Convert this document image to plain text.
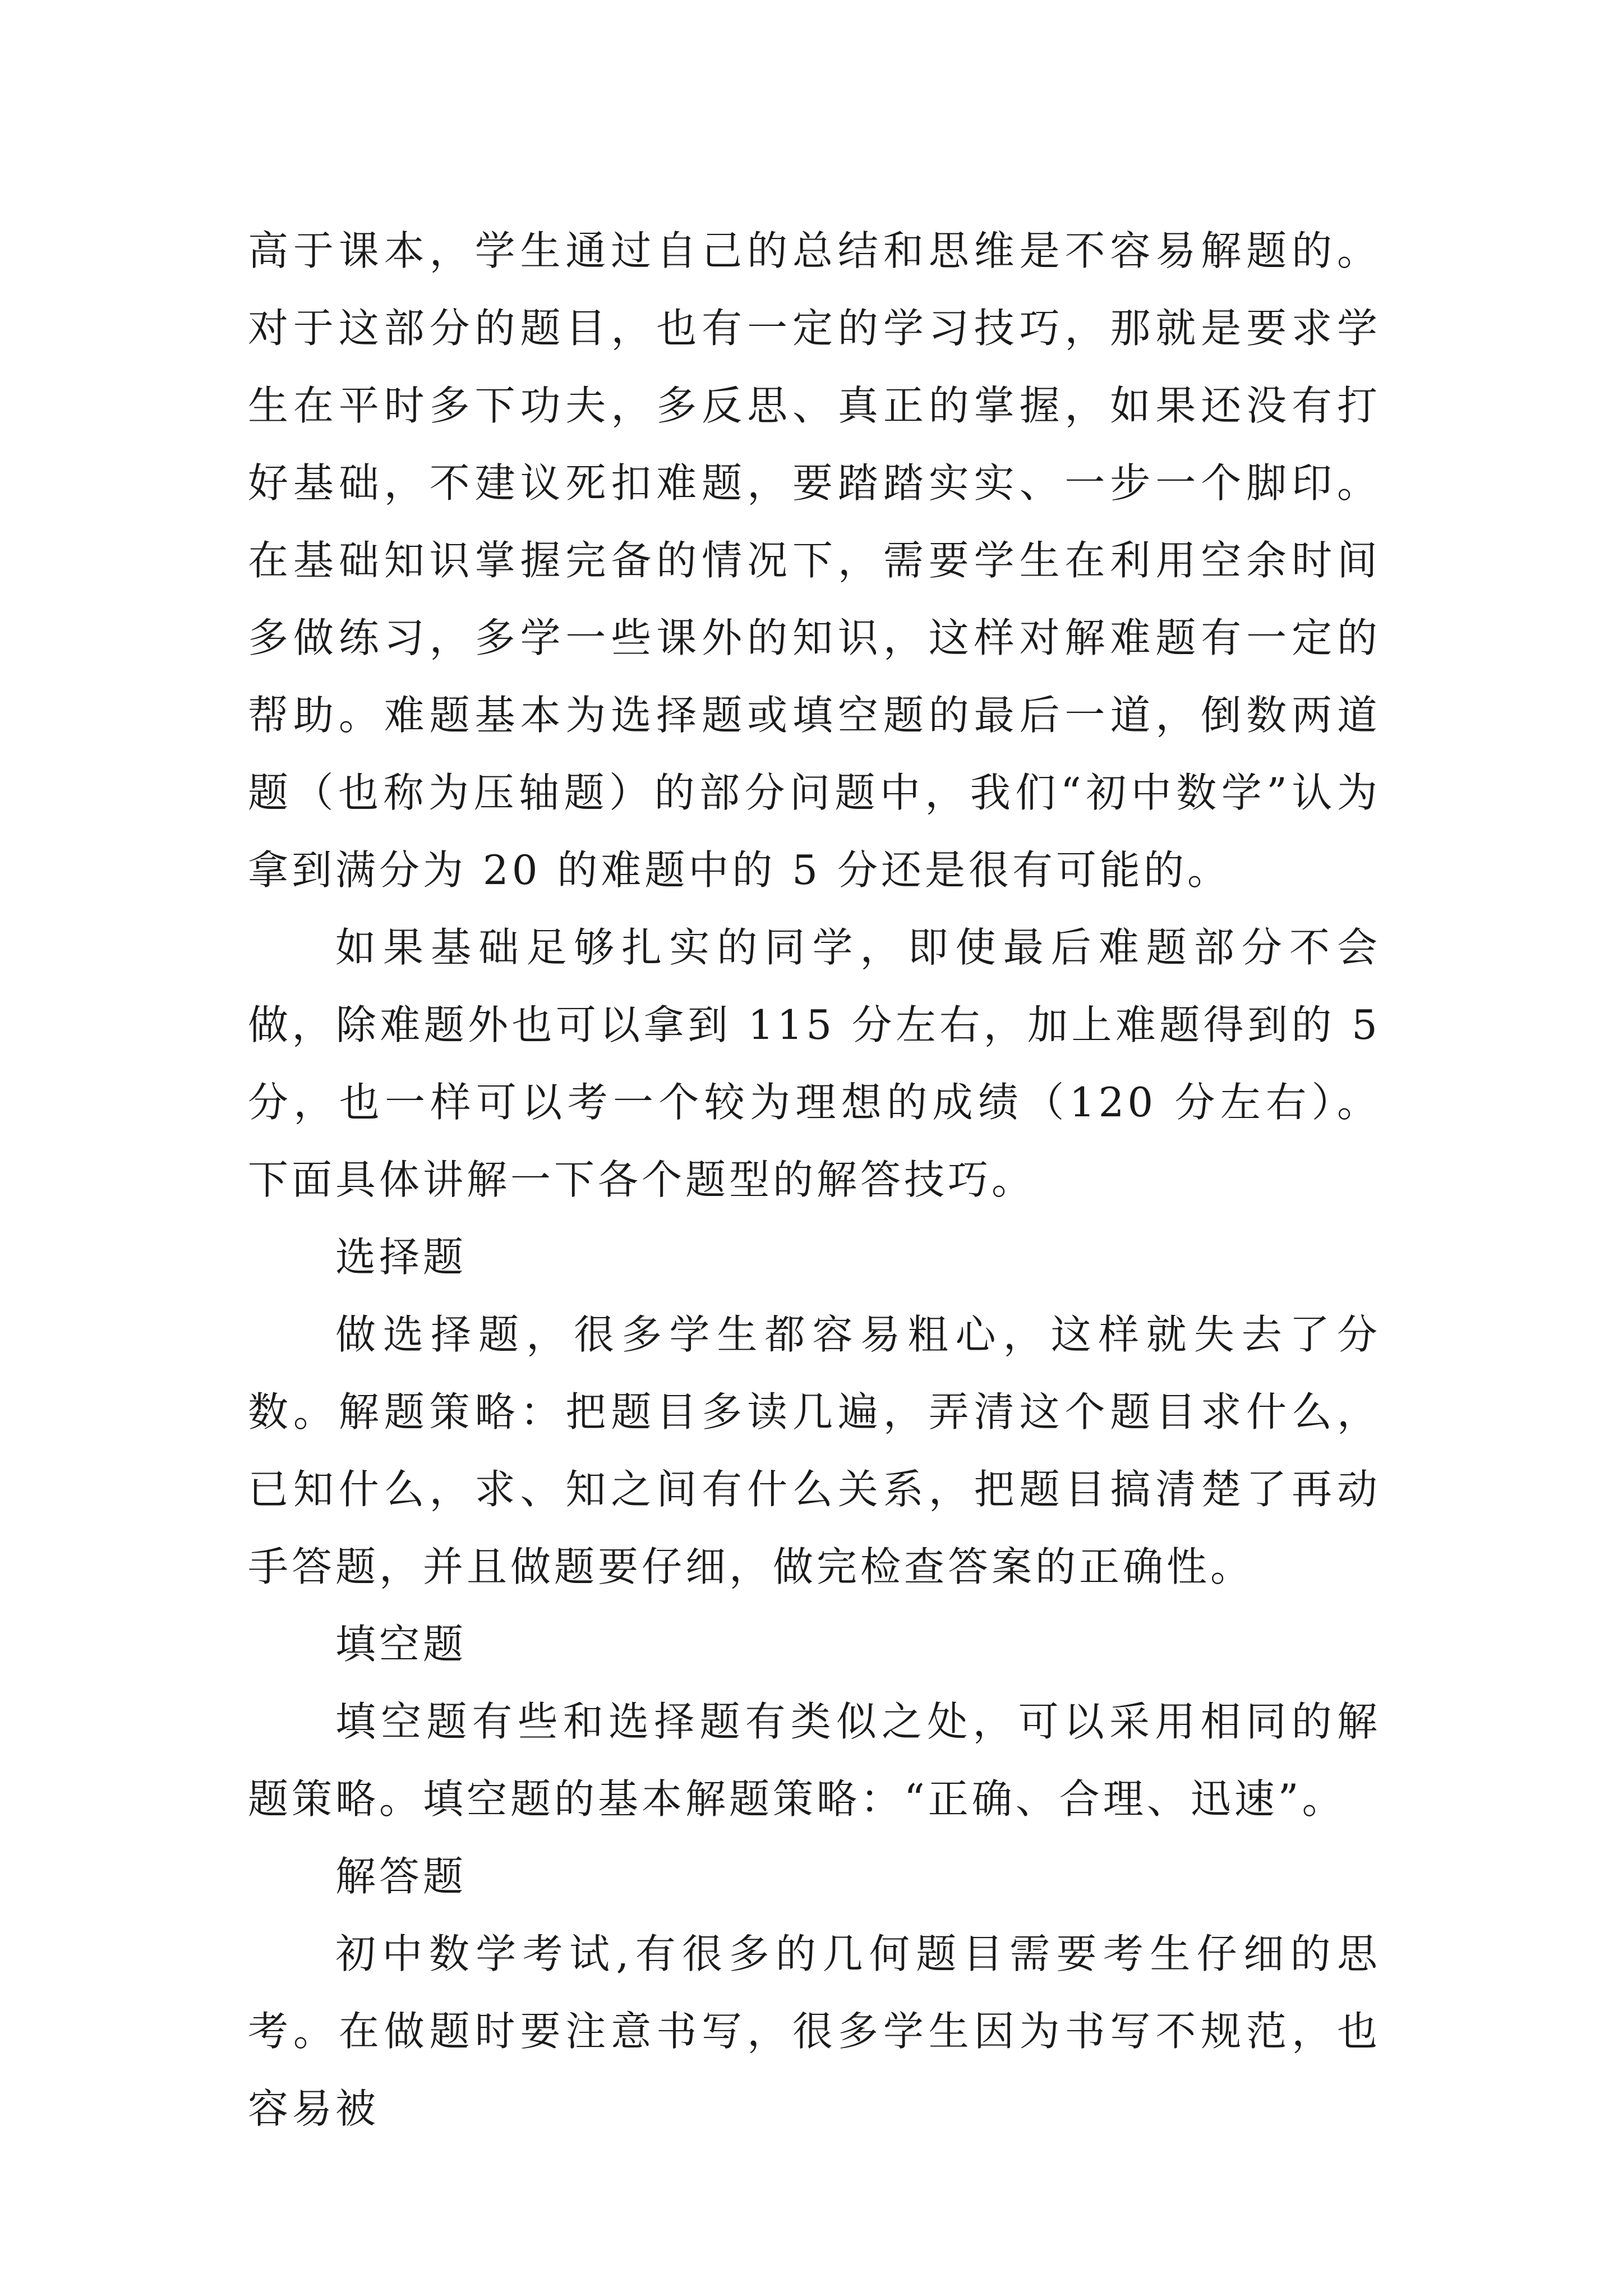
高于课本，学生通过自己的总结和思维是不容易解题的。对于这部分的题目，也有一定的学习技巧，那就是要求学生在平时多下功夫，多反思、真正的掌握，如果还没有打好基础，不建议死扣难题，要踏踏实实、一步一个脚印。在基础知识掌握完备的情况下，需要学生在利用空余时间多做练习，多学一些课外的知识，这样对解难题有一定的帮助。难题基本为选择题或填空题的最后一道，倒数两道题（也称为压轴题）的部分问题中，我们“初中数学”认为拿到满分为 20 的难题中的 5 分还是很有可能的。

如果基础足够扎实的同学，即使最后难题部分不会做，除难题外也可以拿到 115 分左右，加上难题得到的 5 分，也一样可以考一个较为理想的成绩（120 分左右）。下面具体讲解一下各个题型的解答技巧。

选择题

做选择题，很多学生都容易粗心，这样就失去了分数。解题策略：把题目多读几遍，弄清这个题目求什么，已知什么，求、知之间有什么关系，把题目搞清楚了再动手答题，并且做题要仔细，做完检查答案的正确性。

填空题

填空题有些和选择题有类似之处，可以采用相同的解题策略。填空题的基本解题策略：“正确、合理、迅速”。

解答题

初中数学考试,有很多的几何题目需要考生仔细的思考。在做题时要注意书写，很多学生因为书写不规范，也容易被
